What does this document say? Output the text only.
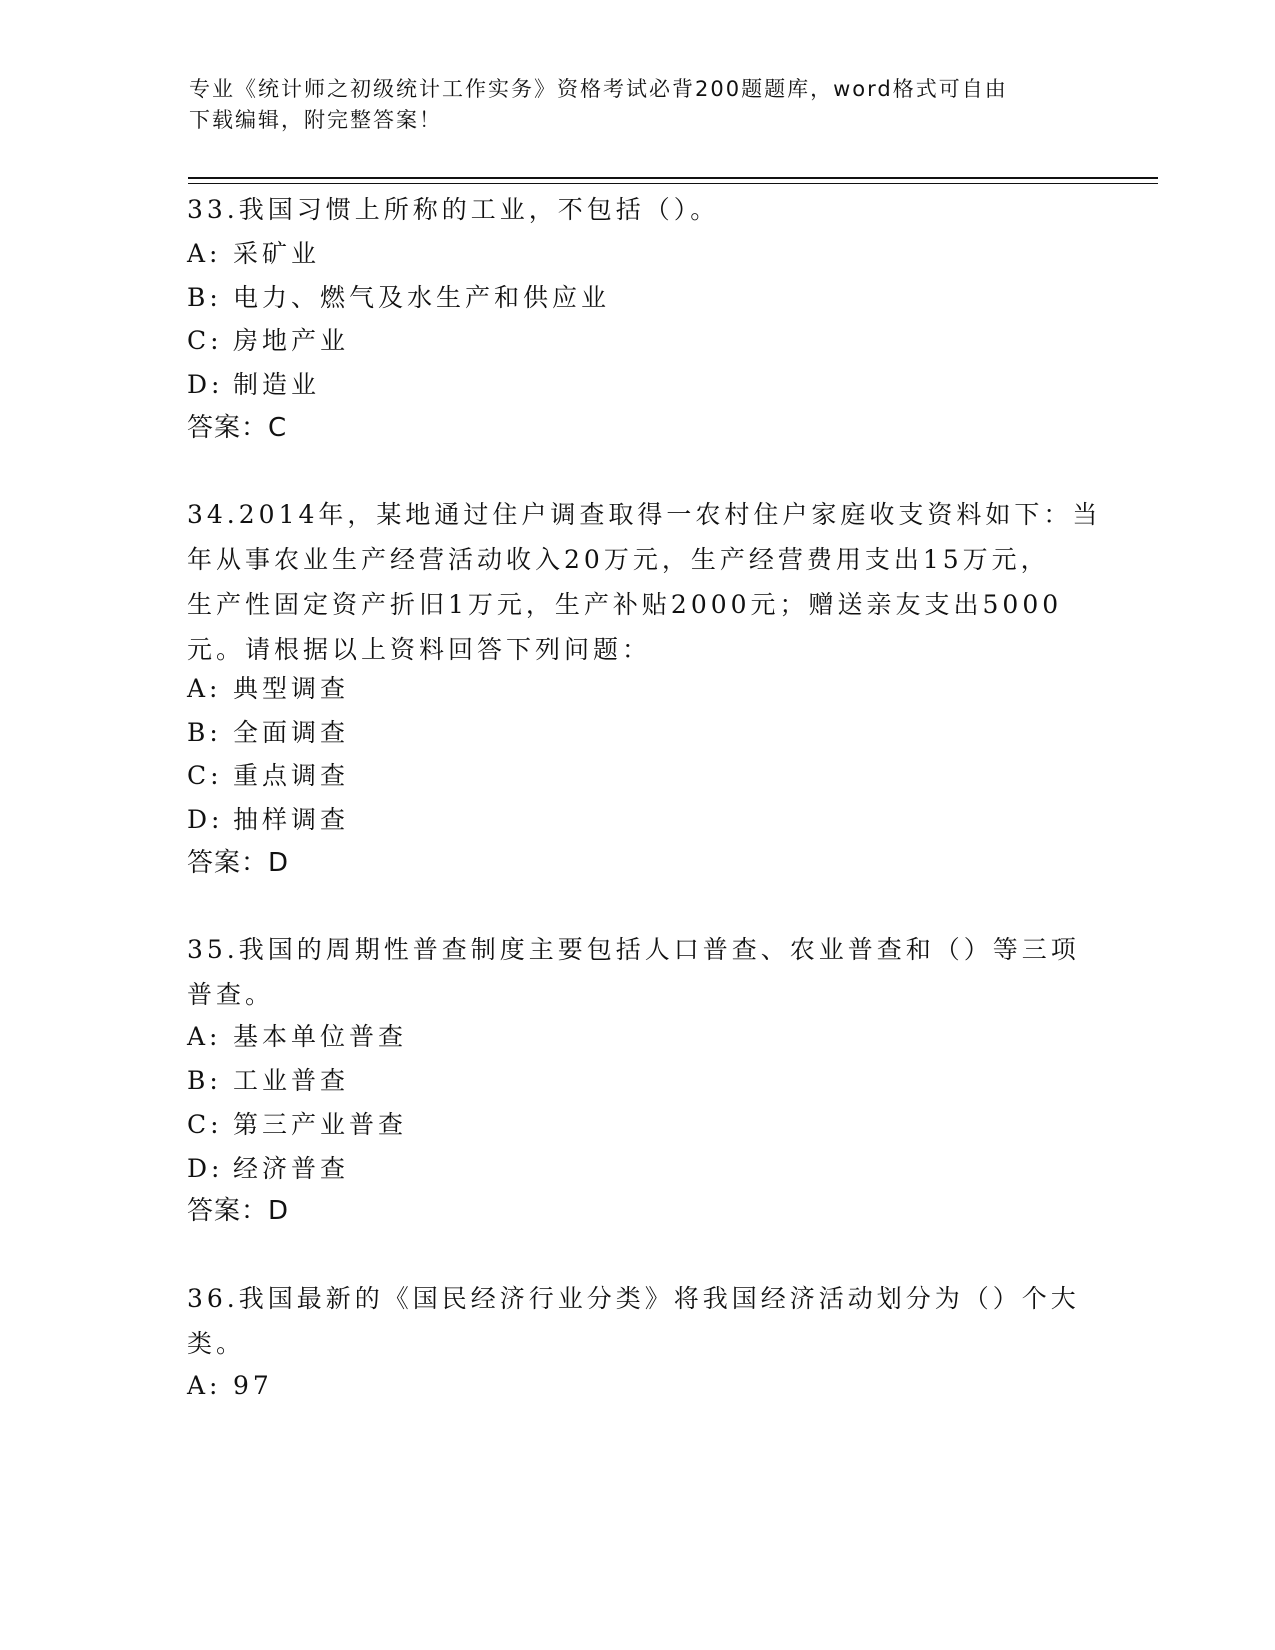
专业《统计师之初级统计工作实务》资格考试必背200题题库，word格式可自由
下载编辑，附完整答案！
33.我国习惯上所称的工业，不包括（）。
A: 采矿业
B: 电力、燃气及水生产和供应业
C: 房地产业
D: 制造业
答案：C
34.2014年，某地通过住户调查取得一农村住户家庭收支资料如下：当
年从事农业生产经营活动收入20万元，生产经营费用支出15万元，
生产性固定资产折旧1万元，生产补贴2000元；赠送亲友支出5000
元。请根据以上资料回答下列问题：
A: 典型调查
B: 全面调查
C: 重点调查
D: 抽样调查
答案：D
35.我国的周期性普查制度主要包括人口普查、农业普查和（）等三项
普查。
A: 基本单位普查
B: 工业普查
C: 第三产业普查
D: 经济普查
答案：D
36.我国最新的《国民经济行业分类》将我国经济活动划分为（）个大
类。
A: 97
